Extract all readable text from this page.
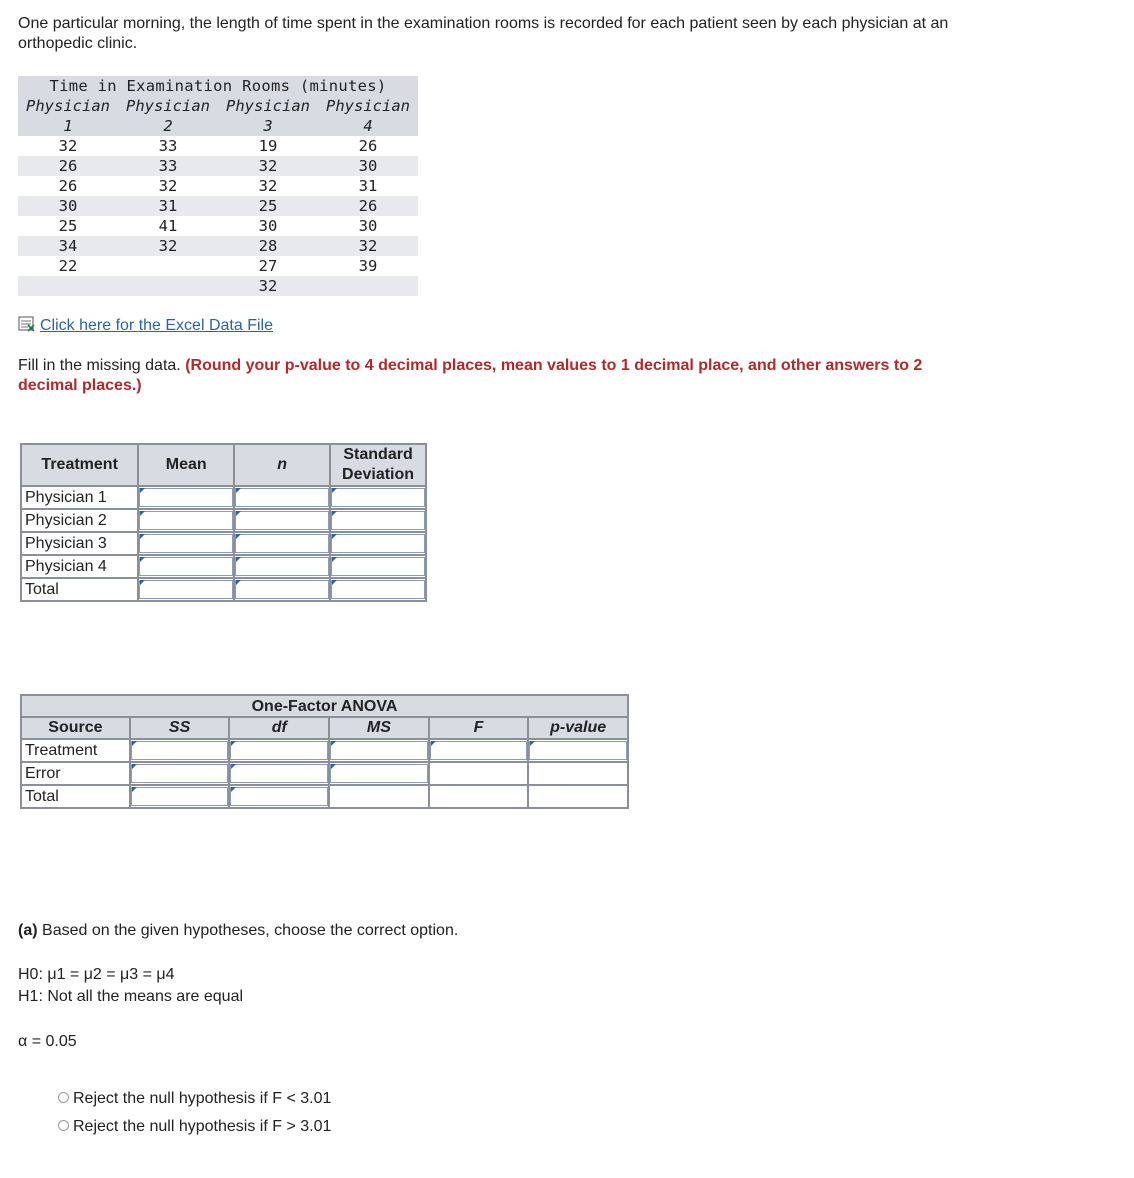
One particular morning, the length of time spent in the examination rooms is recorded for each patient seen by each physician at an orthopedic clinic.
Time in Examination Rooms (minutes)			
Physician	Physician	Physician	Physician
1	2	3	4
32	33	19	26
26	33	32	30
26	32	32	31
30	31	25	26
25	41	30	30
34	32	28	32
22		27	39
		32	
Click here for the Excel Data File
Fill in the missing data. (Round your p-value to 4 decimal places, mean values to 1 decimal place, and other answers to 2 decimal places.)
Treatment	Mean	n	Standard Deviation
Physician 1	

Physician 2	

Physician 3	

Physician 4	

Total	

One-Factor ANOVA					
Source	SS	df	MS	F	p-value
Treatment	

Error	

Total	

(a) Based on the given hypotheses, choose the correct option.
H0: μ1 = μ2 = μ3 = μ4
H1: Not all the means are equal
α = 0.05
Reject the null hypothesis if F < 3.01
Reject the null hypothesis if F > 3.01
